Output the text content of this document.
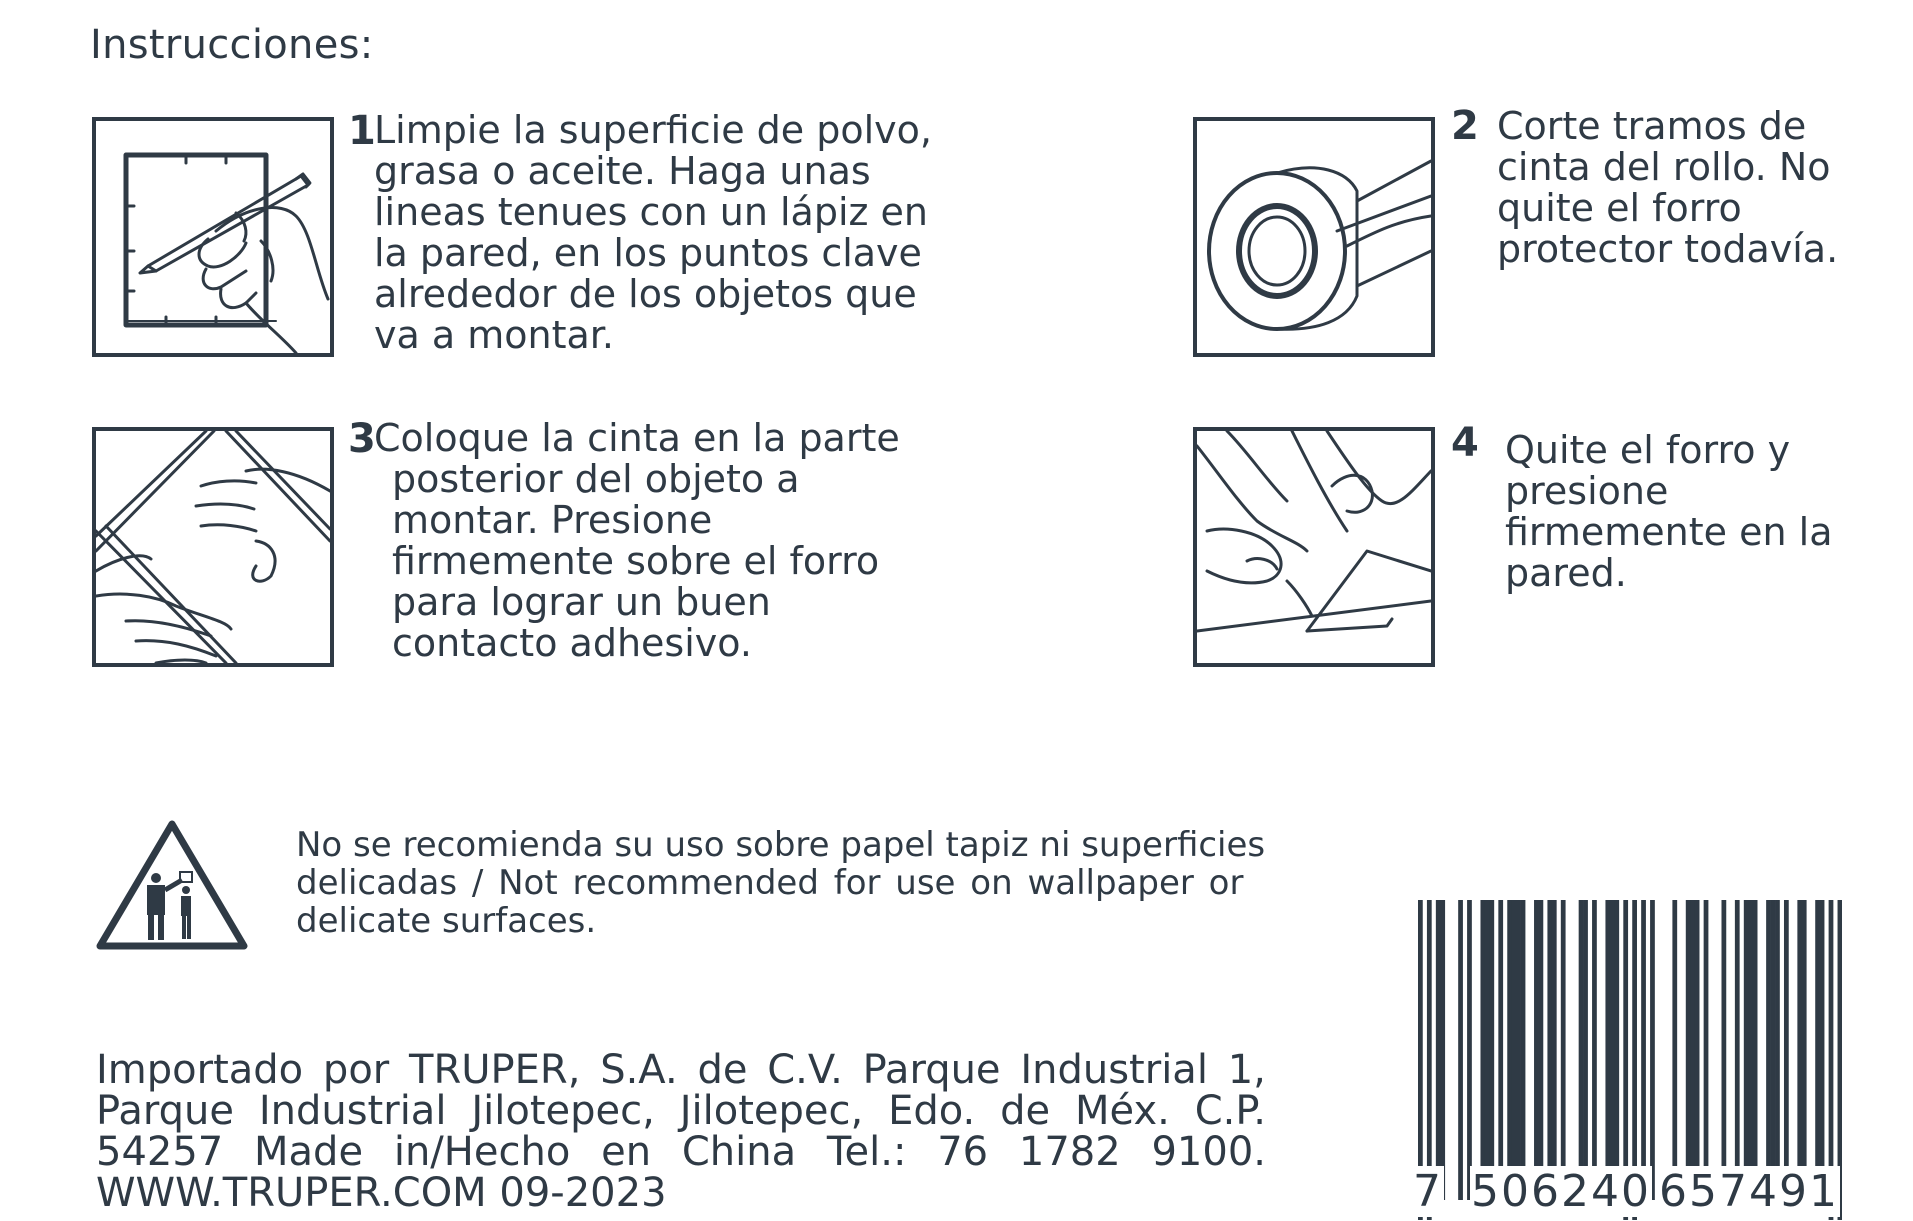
Instrucciones:
1
Limpie la superficie de polvo,
grasa o aceite. Haga unas
lineas tenues con un lápiz en
la pared, en los puntos clave
alrededor de los objetos que
va a montar.
2 Corte tramos de
cinta del rollo. No
quite el forro
protector todavía.
3
Coloque la cinta en la parte
posterior del objeto a
montar. Presione
firmemente sobre el forro
para lograr un buen
contacto adhesivo.
4 Quite el forro y
presione
firmemente en la
pared.
No se recomienda su uso sobre papel tapiz ni superficies
delicadas / Not recommended for use on wallpaper or
delicate surfaces.
Importado por TRUPER, S.A. de C.V. Parque Industrial 1,
Parque Industrial Jilotepec, Jilotepec, Edo. de Méx. C.P.
54257 Made in/Hecho en China Tel.: 76 1782 9100.
WWW.TRUPER.COM 09-2023	7 506240 657491
